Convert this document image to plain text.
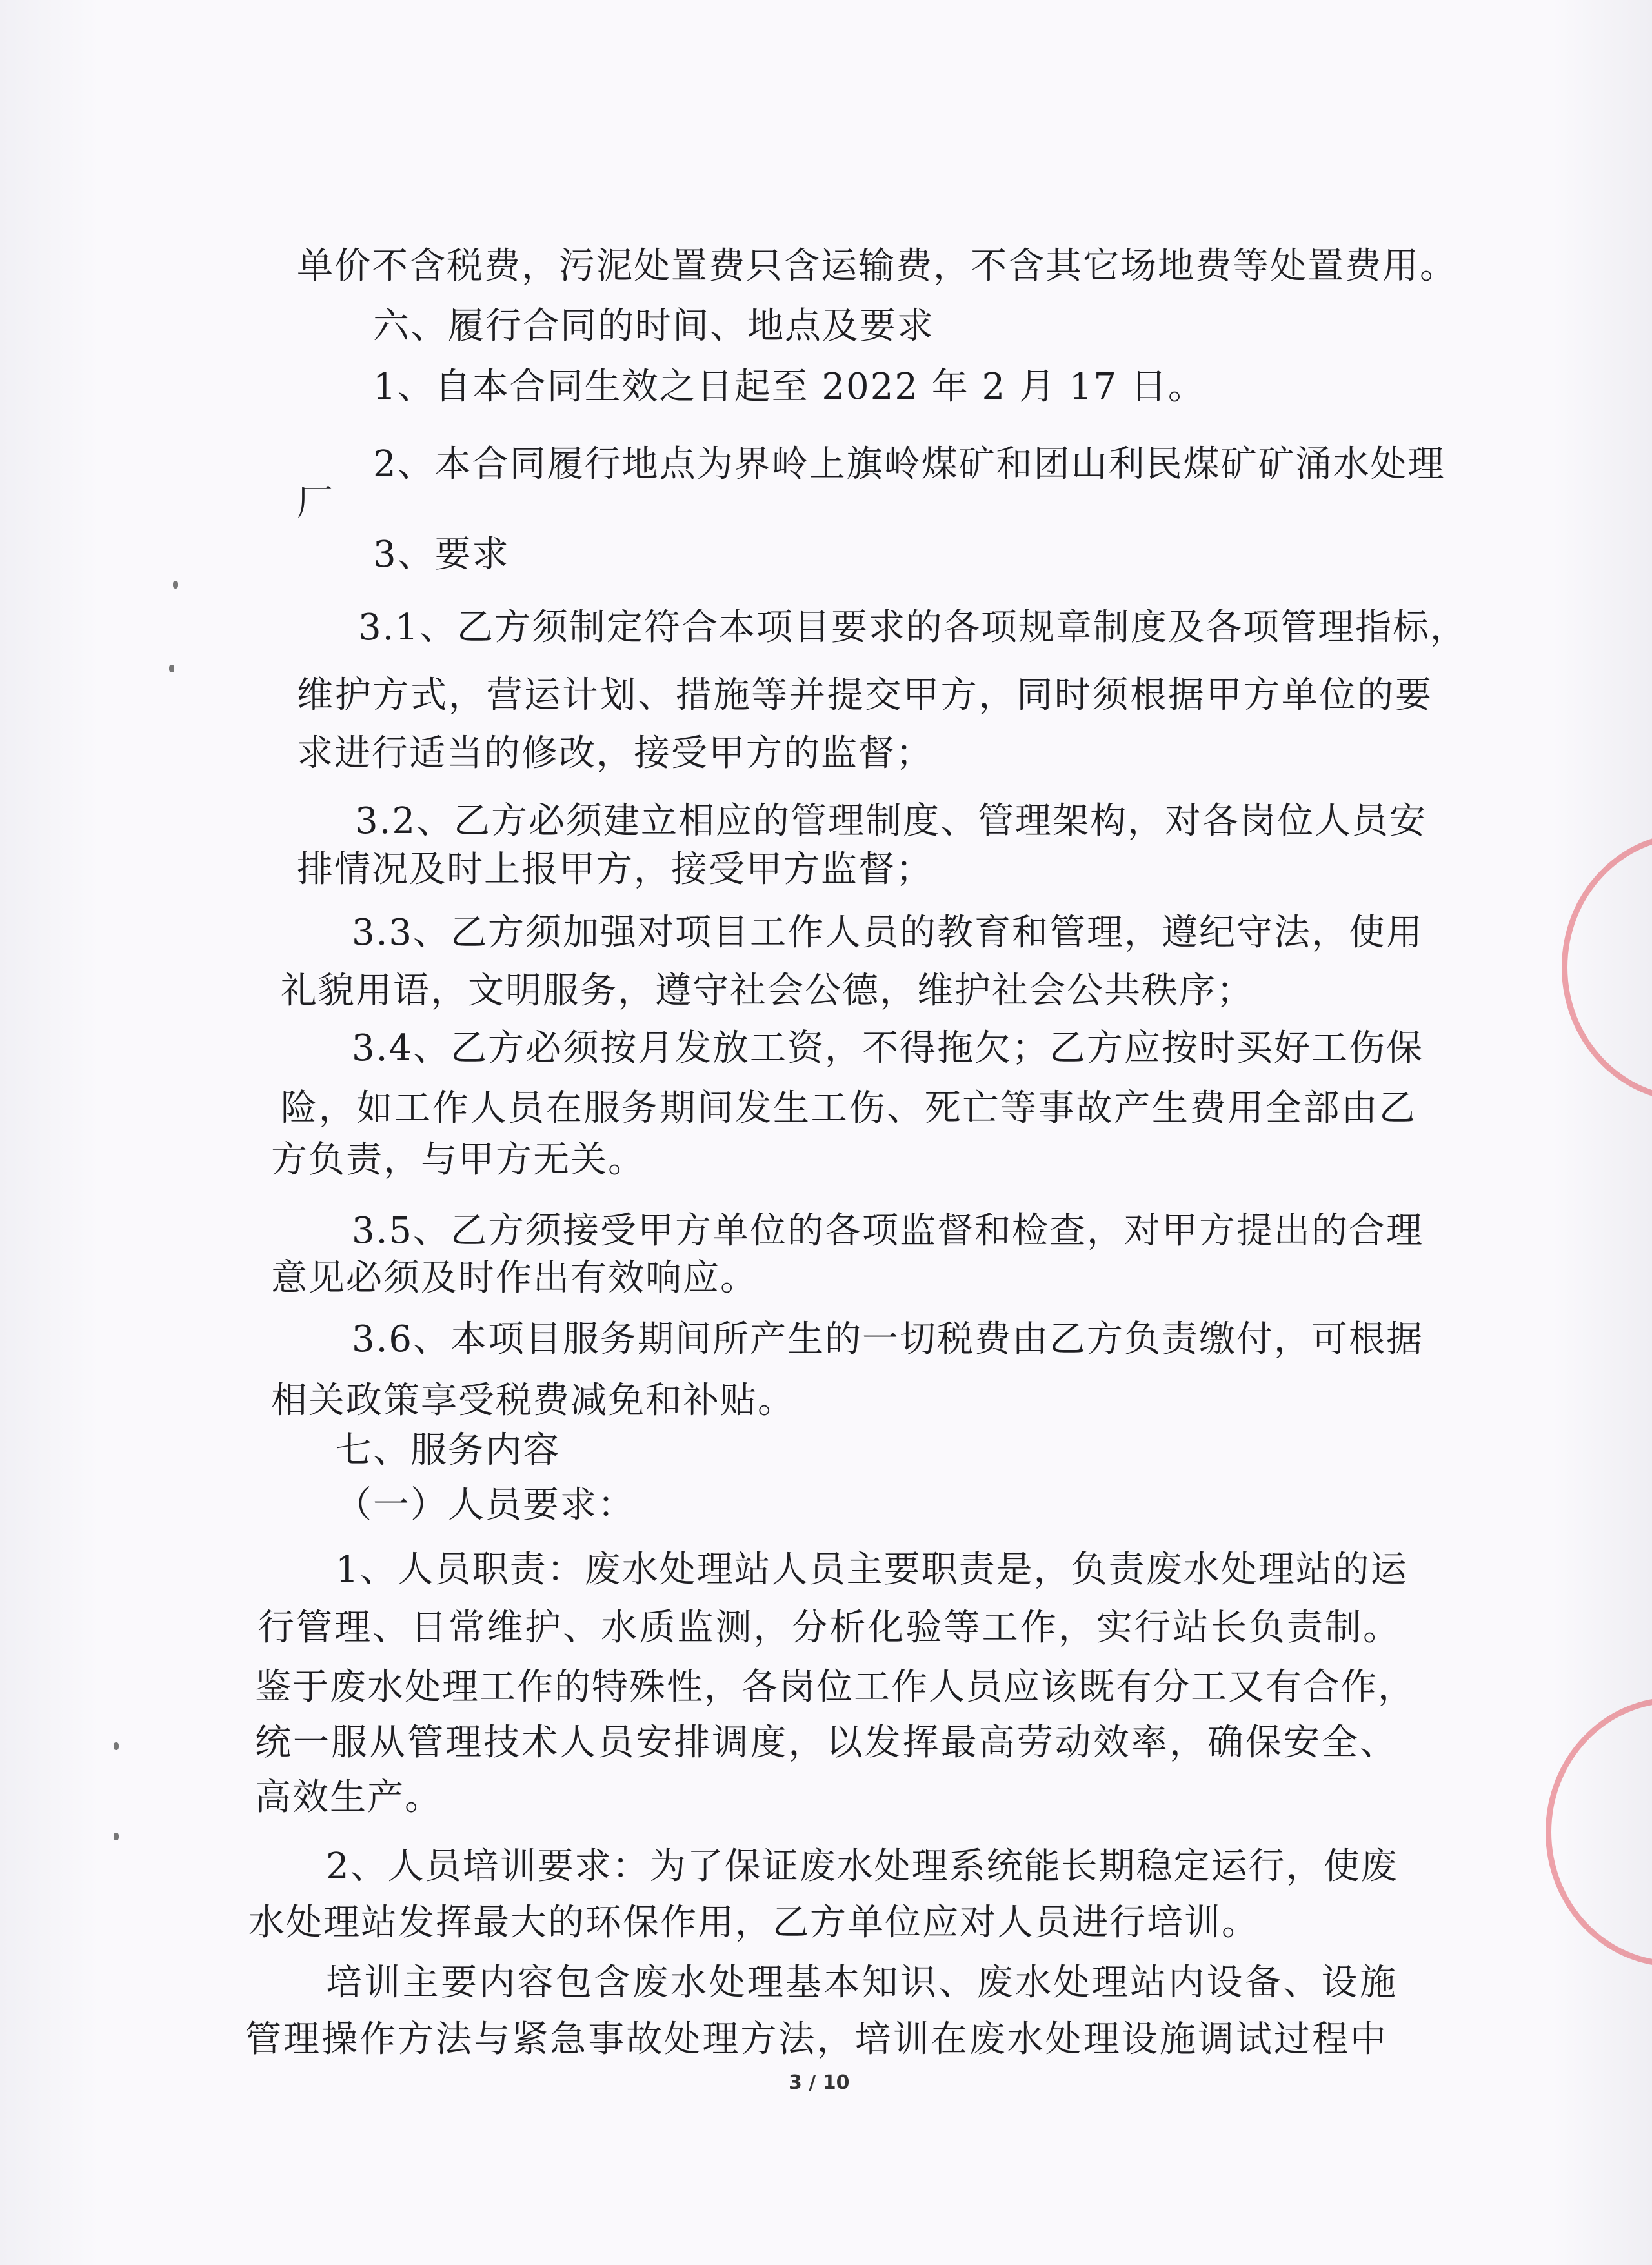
单价不含税费，污泥处置费只含运输费，不含其它场地费等处置费用。
六、履行合同的时间、地点及要求
1、自本合同生效之日起至 2022 年 2 月 17 日。
2、本合同履行地点为界岭上旗岭煤矿和团山利民煤矿矿涌水处理
厂
3、要求
3.1、乙方须制定符合本项目要求的各项规章制度及各项管理指标，
维护方式，营运计划、措施等并提交甲方，同时须根据甲方单位的要
求进行适当的修改，接受甲方的监督；
3.2、乙方必须建立相应的管理制度、管理架构，对各岗位人员安
排情况及时上报甲方，接受甲方监督；
3.3、乙方须加强对项目工作人员的教育和管理，遵纪守法，使用
礼貌用语，文明服务，遵守社会公德，维护社会公共秩序；
3.4、乙方必须按月发放工资，不得拖欠；乙方应按时买好工伤保
险，如工作人员在服务期间发生工伤、死亡等事故产生费用全部由乙
方负责，与甲方无关。
3.5、乙方须接受甲方单位的各项监督和检查，对甲方提出的合理
意见必须及时作出有效响应。
3.6、本项目服务期间所产生的一切税费由乙方负责缴付，可根据
相关政策享受税费减免和补贴。
七、服务内容
（一）人员要求：
1、人员职责：废水处理站人员主要职责是，负责废水处理站的运
行管理、日常维护、水质监测，分析化验等工作，实行站长负责制。
鉴于废水处理工作的特殊性，各岗位工作人员应该既有分工又有合作，
统一服从管理技术人员安排调度，以发挥最高劳动效率，确保安全、
高效生产。
2、人员培训要求：为了保证废水处理系统能长期稳定运行，使废
水处理站发挥最大的环保作用，乙方单位应对人员进行培训。
培训主要内容包含废水处理基本知识、废水处理站内设备、设施
管理操作方法与紧急事故处理方法，培训在废水处理设施调试过程中
3 / 10
